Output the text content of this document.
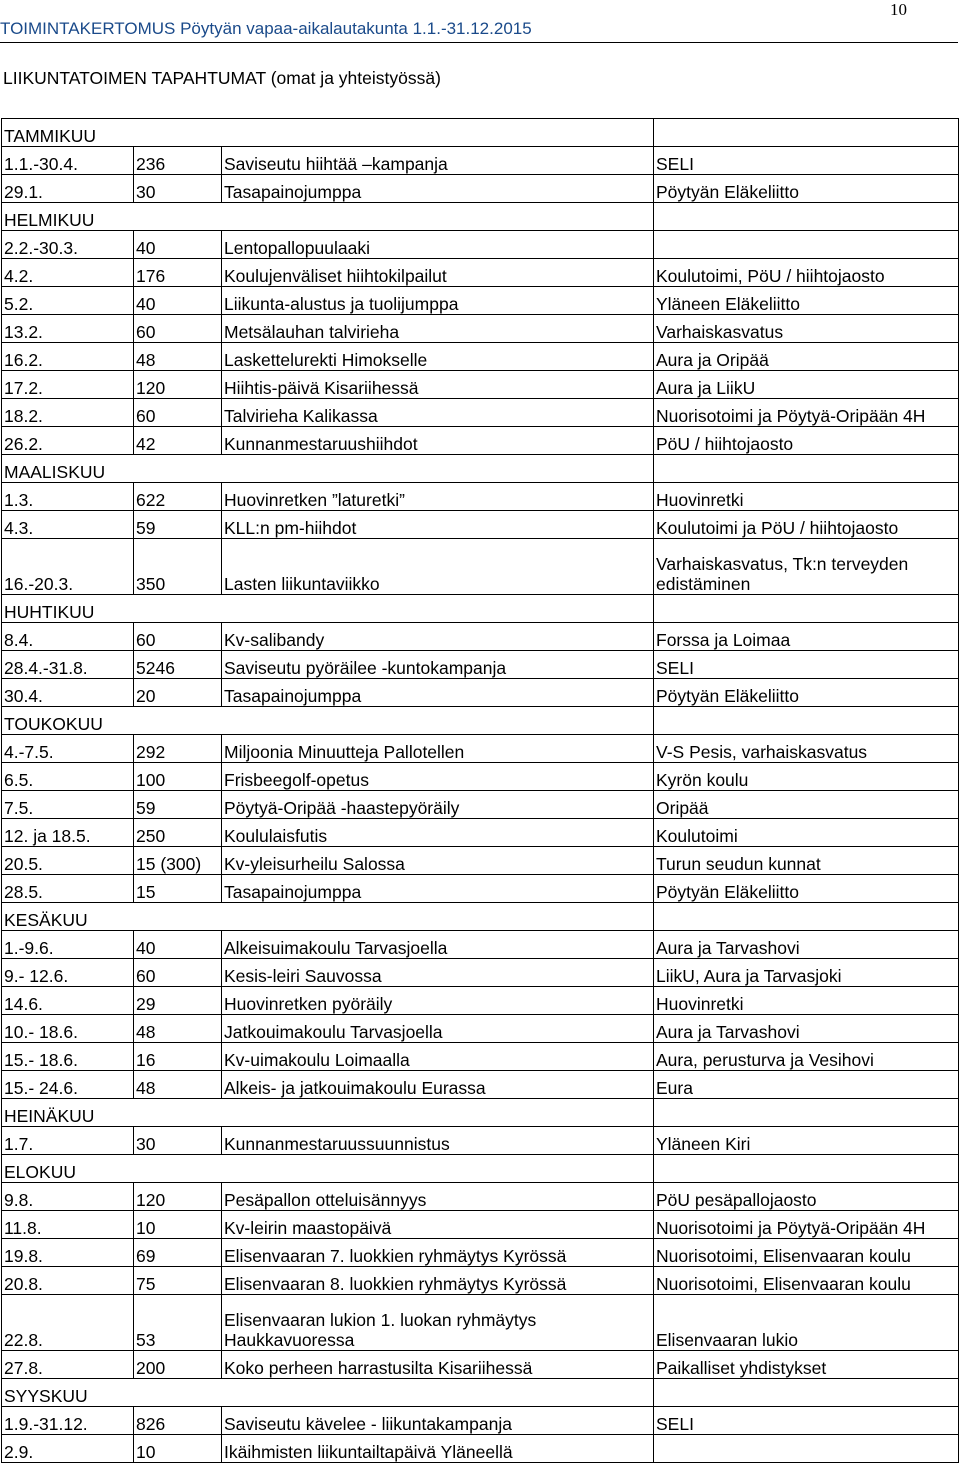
10
TOIMINTAKERTOMUS Pöytyän vapaa-aikalautakunta 1.1.-31.12.2015
LIIKUNTATOIMEN TAPAHTUMAT (omat ja yhteistyössä)
TAMMIKUU			
1.1.-30.4.	236	Saviseutu hiihtää –kampanja	SELI
29.1.	30	Tasapainojumppa	Pöytyän Eläkeliitto
HELMIKUU			
2.2.-30.3.	40	Lentopallopuulaaki	
4.2.	176	Koulujenväliset hiihtokilpailut	Koulutoimi, PöU / hiihtojaosto
5.2.	40	Liikunta-alustus ja tuolijumppa	Yläneen Eläkeliitto
13.2.	60	Metsälauhan talvirieha	Varhaiskasvatus
16.2.	48	Laskettelurekti Himokselle	Aura ja Oripää
17.2.	120	Hiihtis-päivä Kisariihessä	Aura ja LiikU
18.2.	60	Talvirieha Kalikassa	Nuorisotoimi ja Pöytyä-Oripään 4H
26.2.	42	Kunnanmestaruushiihdot	PöU / hiihtojaosto
MAALISKUU			
1.3.	622	Huovinretken ”laturetki”	Huovinretki
4.3.	59	KLL:n pm-hiihdot	Koulutoimi ja PöU / hiihtojaosto
16.-20.3.	350	Lasten liikuntaviikko	Varhaiskasvatus, Tk:n terveyden edistäminen
HUHTIKUU			
8.4.	60	Kv-salibandy	Forssa ja Loimaa
28.4.-31.8.	5246	Saviseutu pyöräilee -kuntokampanja	SELI
30.4.	20	Tasapainojumppa	Pöytyän Eläkeliitto
TOUKOKUU			
4.-7.5.	292	Miljoonia Minuutteja Pallotellen	V-S Pesis, varhaiskasvatus
6.5.	100	Frisbeegolf-opetus	Kyrön koulu
7.5.	59	Pöytyä-Oripää -haastepyöräily	Oripää
12. ja 18.5.	250	Koululaisfutis	Koulutoimi
20.5.	15 (300)	Kv-yleisurheilu Salossa	Turun seudun kunnat
28.5.	15	Tasapainojumppa	Pöytyän Eläkeliitto
KESÄKUU			
1.-9.6.	40	Alkeisuimakoulu Tarvasjoella	Aura ja Tarvashovi
9.- 12.6.	60	Kesis-leiri Sauvossa	LiikU, Aura ja Tarvasjoki
14.6.	29	Huovinretken pyöräily	Huovinretki
10.- 18.6.	48	Jatkouimakoulu Tarvasjoella	Aura ja Tarvashovi
15.- 18.6.	16	Kv-uimakoulu Loimaalla	Aura, perusturva ja Vesihovi
15.- 24.6.	48	Alkeis- ja jatkouimakoulu Eurassa	Eura
HEINÄKUU			
1.7.	30	Kunnanmestaruussuunnistus	Yläneen Kiri
ELOKUU			
9.8.	120	Pesäpallon otteluisännyys	PöU pesäpallojaosto
11.8.	10	Kv-leirin maastopäivä	Nuorisotoimi ja Pöytyä-Oripään 4H
19.8.	69	Elisenvaaran 7. luokkien ryhmäytys Kyrössä	Nuorisotoimi, Elisenvaaran koulu
20.8.	75	Elisenvaaran 8. luokkien ryhmäytys Kyrössä	Nuorisotoimi, Elisenvaaran koulu
22.8.	53	Elisenvaaran lukion 1. luokan ryhmäytys Haukkavuoressa	Elisenvaaran lukio
27.8.	200	Koko perheen harrastusilta Kisariihessä	Paikalliset yhdistykset
SYYSKUU			
1.9.-31.12.	826	Saviseutu kävelee - liikuntakampanja	SELI
2.9.	10	Ikäihmisten liikuntailtapäivä Yläneellä	
